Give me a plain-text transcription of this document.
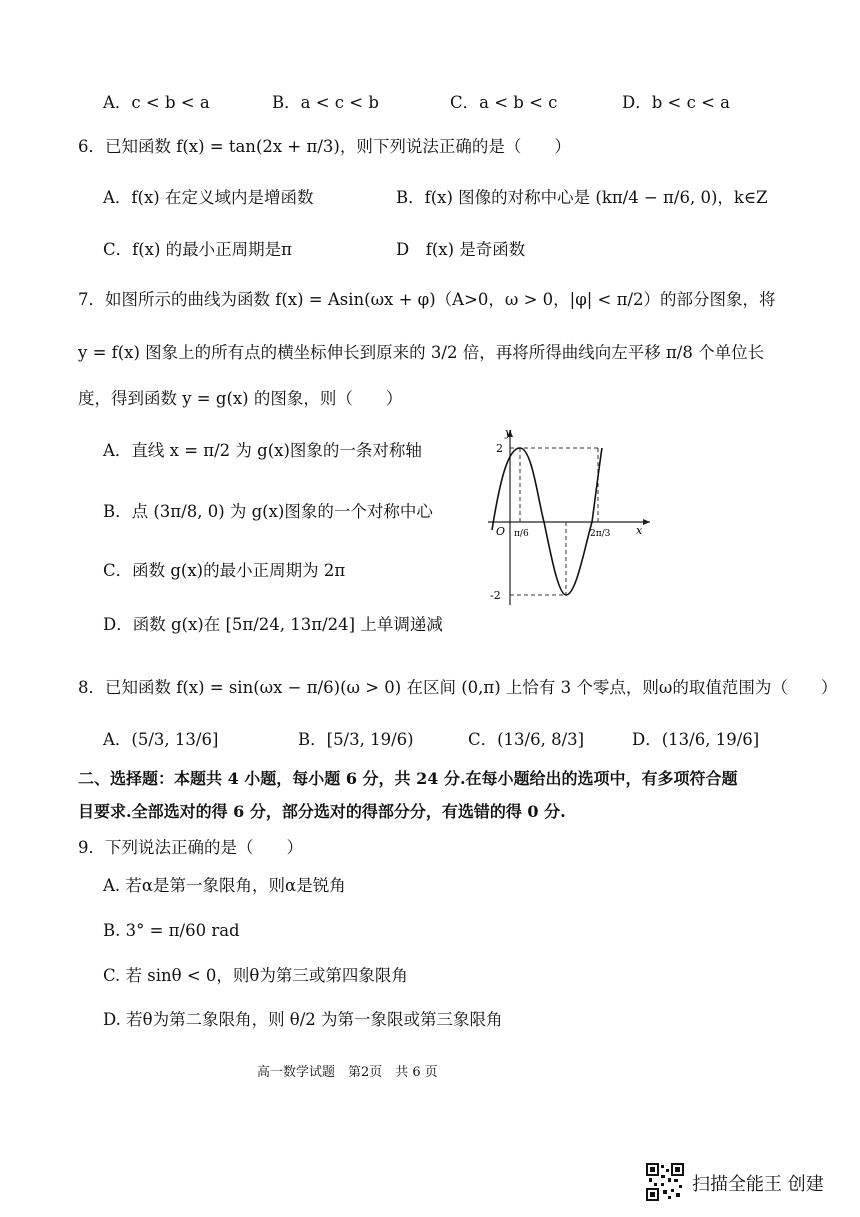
A．c < b < a	B．a < c < b	C．a < b < c	D．b < c < a
6．已知函数 f(x) = tan(2x + π/3)，则下列说法正确的是（　　）
A．f(x) 在定义域内是增函数	B．f(x) 图像的对称中心是 (kπ/4 − π/6, 0)，k∈Z
C．f(x) 的最小正周期是π	D　f(x) 是奇函数
7．如图所示的曲线为函数 f(x) = Asin(ωx + φ)（A>0，ω > 0，|φ| < π/2）的部分图象，将
y = f(x) 图象上的所有点的横坐标伸长到原来的 3/2 倍，再将所得曲线向左平移 π/8 个单位长
度，得到函数 y = g(x) 的图象，则（　　）
A．直线 x = π/2 为 g(x)图象的一条对称轴
B．点 (3π/8, 0) 为 g(x)图象的一个对称中心
C．函数 g(x)的最小正周期为 2π
D．函数 g(x)在 [5π/24, 13π/24] 上单调递减
y
x
O
2
-2
π/6	2π/3
8．已知函数 f(x) = sin(ωx − π/6)(ω > 0) 在区间 (0,π) 上恰有 3 个零点，则ω的取值范围为（　　）
A．(5/3, 13/6]	B．[5/3, 19/6)	C．(13/6, 8/3]	D．(13/6, 19/6]
二、选择题：本题共 4 小题，每小题 6 分，共 24 分.在每小题给出的选项中，有多项符合题
目要求.全部选对的得 6 分，部分选对的得部分分，有选错的得 0 分.
9．下列说法正确的是（　　）
A. 若α是第一象限角，则α是锐角
B. 3° = π/60 rad
C. 若 sinθ < 0，则θ为第三或第四象限角
D. 若θ为第二象限角，则 θ/2 为第一象限或第三象限角
高一数学试题　第2页　共 6 页
扫描全能王 创建
